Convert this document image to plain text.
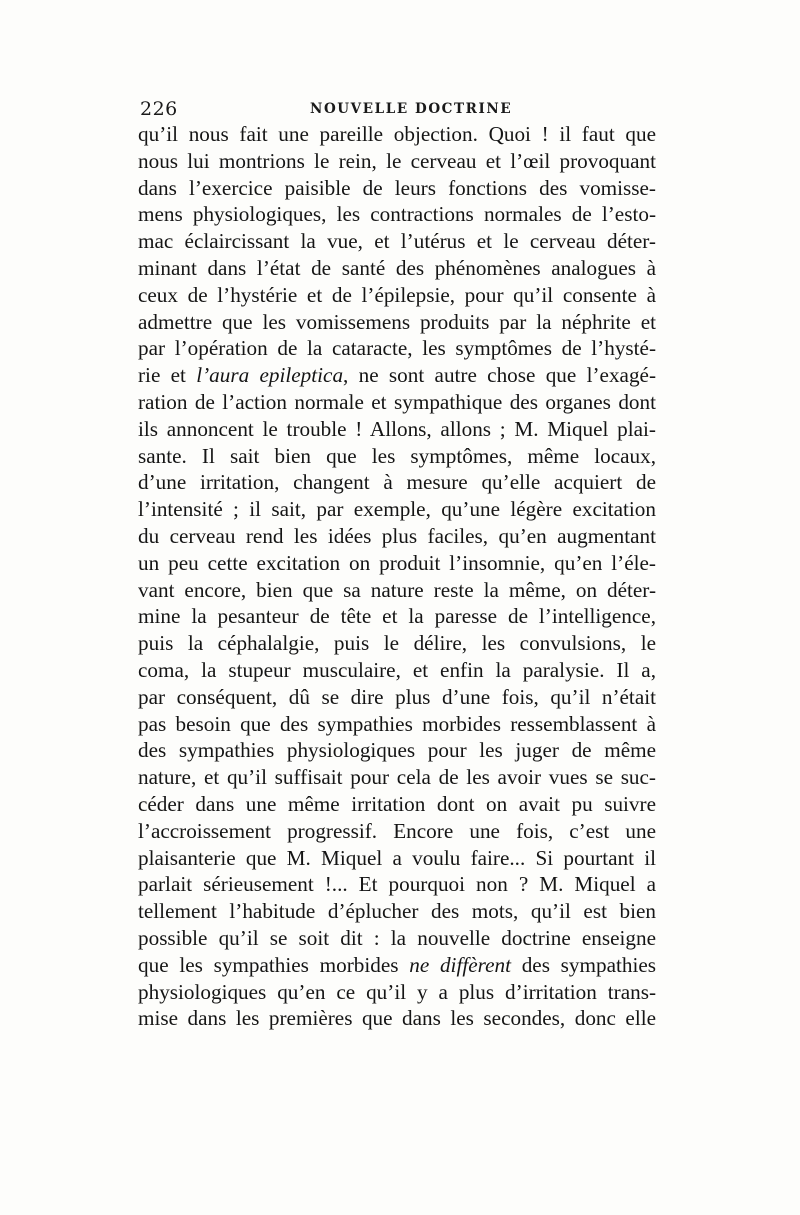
226	NOUVELLE DOCTRINE
qu’il nous fait une pareille objection. Quoi ! il faut que
nous lui montrions le rein, le cerveau et l’œil provoquant
dans l’exercice paisible de leurs fonctions des vomisse-
mens physiologiques, les contractions normales de l’esto-
mac éclaircissant la vue, et l’utérus et le cerveau déter-
minant dans l’état de santé des phénomènes analogues à
ceux de l’hystérie et de l’épilepsie, pour qu’il consente à
admettre que les vomissemens produits par la néphrite et
par l’opération de la cataracte, les symptômes de l’hysté-
rie et l’aura epileptica, ne sont autre chose que l’exagé-
ration de l’action normale et sympathique des organes dont
ils annoncent le trouble ! Allons, allons ; M. Miquel plai-
sante. Il sait bien que les symptômes, même locaux,
d’une irritation, changent à mesure qu’elle acquiert de
l’intensité ; il sait, par exemple, qu’une légère excitation
du cerveau rend les idées plus faciles, qu’en augmentant
un peu cette excitation on produit l’insomnie, qu’en l’éle-
vant encore, bien que sa nature reste la même, on déter-
mine la pesanteur de tête et la paresse de l’intelligence,
puis la céphalalgie, puis le délire, les convulsions, le
coma, la stupeur musculaire, et enfin la paralysie. Il a,
par conséquent, dû se dire plus d’une fois, qu’il n’était
pas besoin que des sympathies morbides ressemblassent à
des sympathies physiologiques pour les juger de même
nature, et qu’il suffisait pour cela de les avoir vues se suc-
céder dans une même irritation dont on avait pu suivre
l’accroissement progressif. Encore une fois, c’est une
plaisanterie que M. Miquel a voulu faire... Si pourtant il
parlait sérieusement !... Et pourquoi non ? M. Miquel a
tellement l’habitude d’éplucher des mots, qu’il est bien
possible qu’il se soit dit : la nouvelle doctrine enseigne
que les sympathies morbides ne diffèrent des sympathies
physiologiques qu’en ce qu’il y a plus d’irritation trans-
mise dans les premières que dans les secondes, donc elle
